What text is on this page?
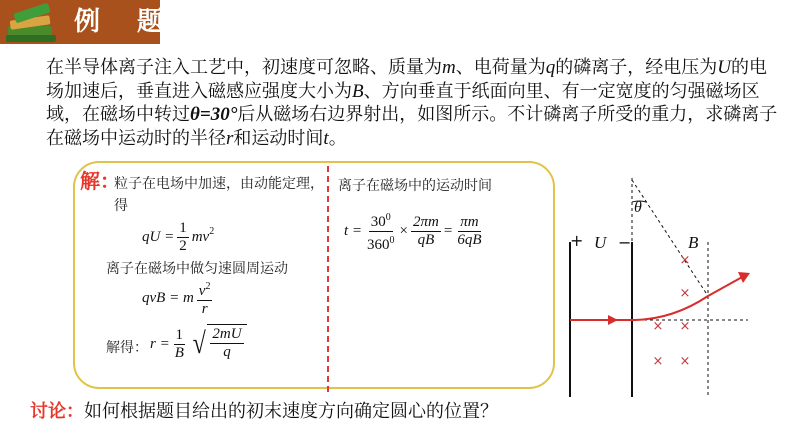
例 题
在半导体离子注入工艺中，初速度可忽略、质量为m、电荷量为q的磷离子，经电压为U的电场加速后，垂直进入磁感应强度大小为B、方向垂直于纸面向里、有一定宽度的匀强磁场区域，在磁场中转过θ=30°后从磁场右边界射出，如图所示。不计磷离子所受的重力，求磷离子在磁场中运动时的半径r和运动时间t。
解：
粒子在电场中加速，由动能定理，得
qU = $\frac{1}{2} mv^2$
离子在磁场中做匀速圆周运动
qvB = m $\frac{v^2}{r}$
解得： $r = \frac{1}{B}$ √ $\frac{2mU}{q}$
离子在磁场中的运动时间
$t = \frac{30^0}{360^0} \times \frac{2\pi m}{qB} = \frac{\pi m}{6qB}$
讨论：如何根据题目给出的初末速度方向确定圆心的位置？
+ U −	B
θ
×
×
× ×
× ×
